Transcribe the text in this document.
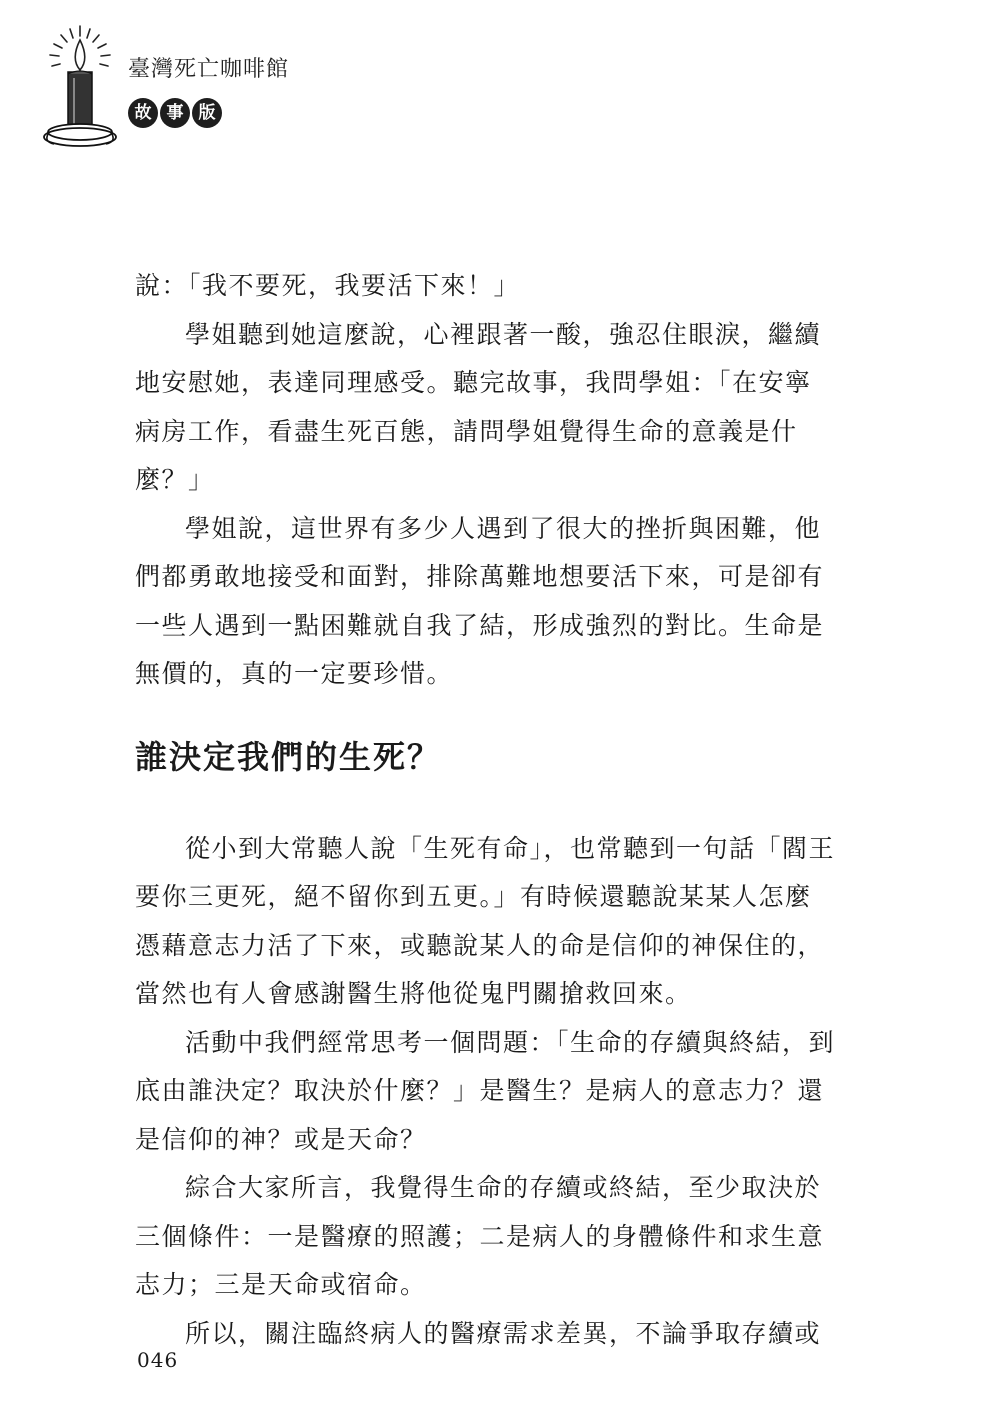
臺灣死亡咖啡館
故 事 版

說：「我不要死，我要活下來！」

學姐聽到她這麼說，心裡跟著一酸，強忍住眼淚，繼續地安慰她，表達同理感受。聽完故事，我問學姐：「在安寧病房工作，看盡生死百態，請問學姐覺得生命的意義是什麼？」

學姐說，這世界有多少人遇到了很大的挫折與困難，他們都勇敢地接受和面對，排除萬難地想要活下來，可是卻有一些人遇到一點困難就自我了結，形成強烈的對比。生命是無價的，真的一定要珍惜。

誰決定我們的生死？

從小到大常聽人說「生死有命」，也常聽到一句話「閻王要你三更死，絕不留你到五更。」有時候還聽說某某人怎麼憑藉意志力活了下來，或聽說某人的命是信仰的神保住的，當然也有人會感謝醫生將他從鬼門關搶救回來。

活動中我們經常思考一個問題：「生命的存續與終結，到底由誰決定？取決於什麼？」是醫生？是病人的意志力？還是信仰的神？或是天命？

綜合大家所言，我覺得生命的存續或終結，至少取決於三個條件：一是醫療的照護；二是病人的身體條件和求生意志力；三是天命或宿命。

所以，關注臨終病人的醫療需求差異，不論爭取存續或

046
